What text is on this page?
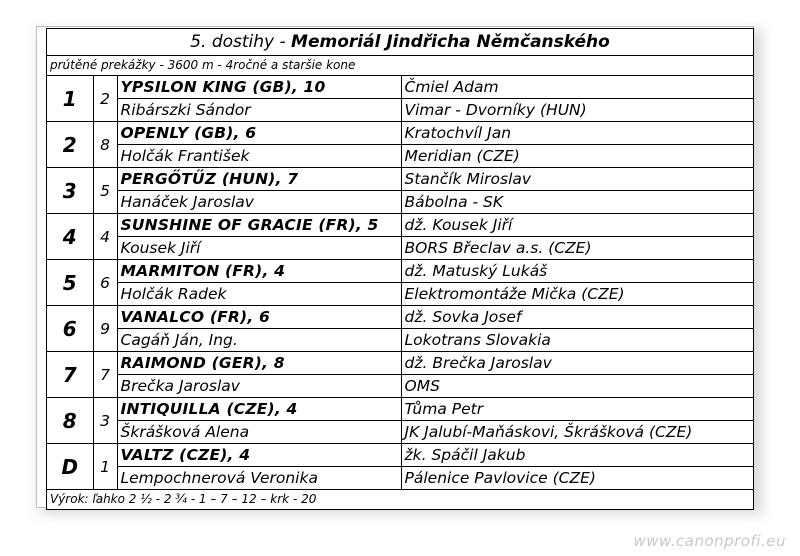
5. dostihy - Memoriál Jindřicha Němčanského
prútěné prekážky - 3600 m - 4ročné a staršie kone
1	2	YPSILON KING (GB), 10	Čmiel Adam
		Ribárszki Sándor	Vimar - Dvorníky (HUN)
2	8	OPENLY (GB), 6	Kratochvíl Jan
		Holčák František	Meridian (CZE)
3	5	PERGŐTŰZ (HUN), 7	Stančík Miroslav
		Hanáček Jaroslav	Bábolna - SK
4	4	SUNSHINE OF GRACIE (FR), 5	dž. Kousek Jiří
		Kousek Jiří	BORS Břeclav a.s. (CZE)
5	6	MARMITON (FR), 4	dž. Matuský Lukáš
		Holčák Radek	Elektromontáže Mička (CZE)
6	9	VANALCO (FR), 6	dž. Sovka Josef
		Cagáň Ján, Ing.	Lokotrans Slovakia
7	7	RAIMOND (GER), 8	dž. Brečka Jaroslav
		Brečka Jaroslav	OMS
8	3	INTIQUILLA (CZE), 4	Tůma Petr
		Škrášková Alena	JK Jalubí-Maňáskovi, Škrášková (CZE)
D	1	VALTZ (CZE), 4	žk. Spáčil Jakub
		Lempochnerová Veronika	Pálenice Pavlovice (CZE)
Výrok: ľahko 2 ½ - 2 ¾ - 1 – 7 – 12 – krk - 20
www.canonprofi.eu
